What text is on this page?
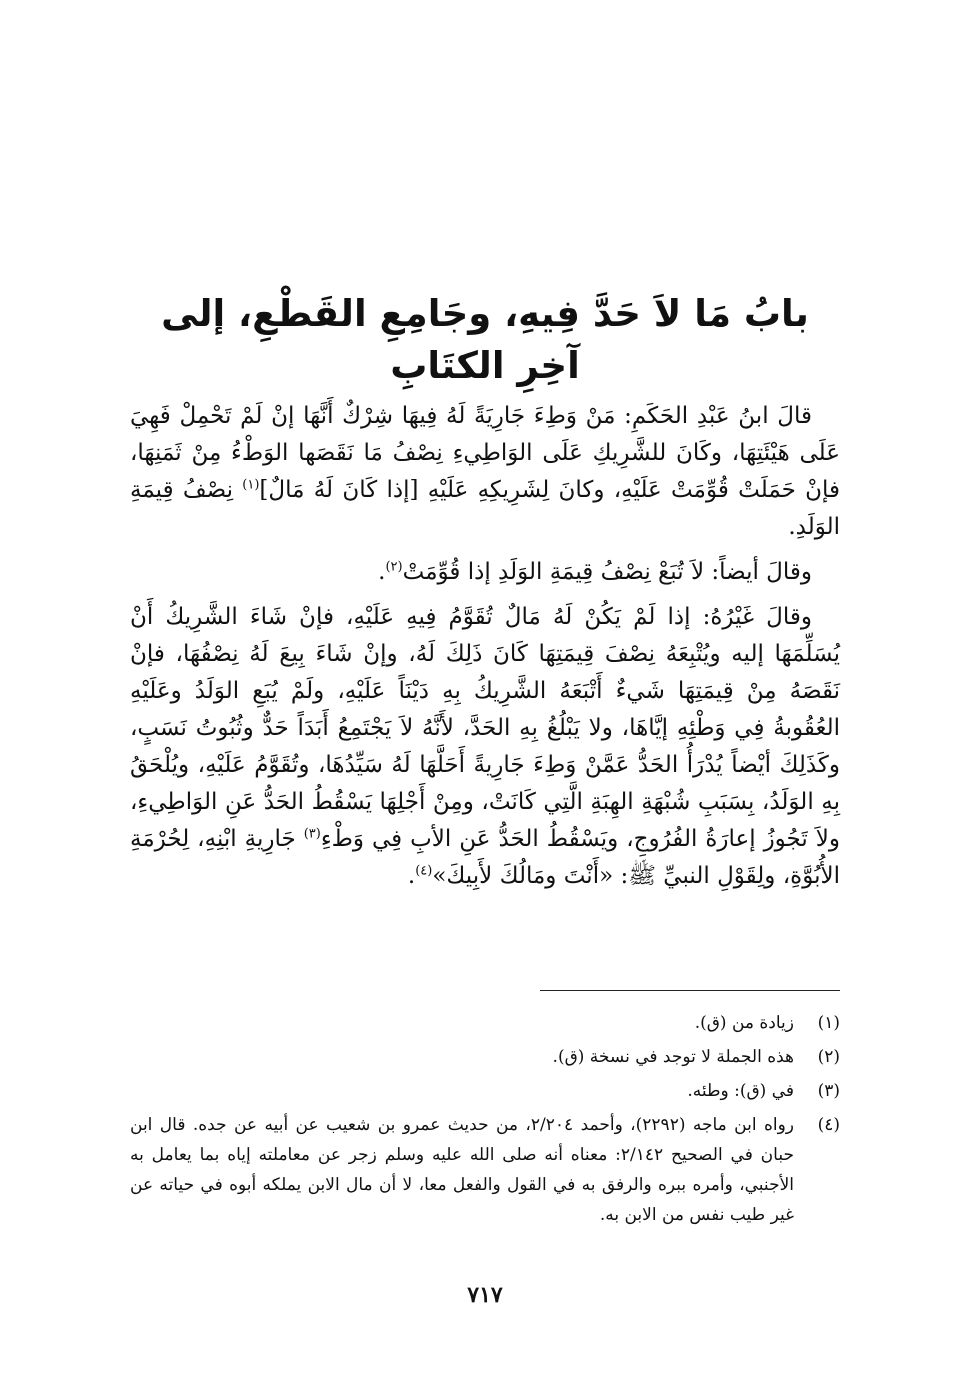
بابُ مَا لاَ حَدَّ فِيهِ، وجَامِعِ القَطْعِ، إلى آخِرِ الكتَابِ

قالَ ابنُ عَبْدِ الحَكَمِ: مَنْ وَطِءَ جَارِيَةً لَهُ فِيهَا شِرْكٌ أَنَّهَا إنْ لَمْ تَحْمِلْ فَهِيَ عَلَى هَيْئَتِهَا، وكَانَ للشَّرِيكِ عَلَى الوَاطِيءِ نِصْفُ مَا نَقَصَها الوَطْءُ مِنْ ثَمَنِهَا، فإنْ حَمَلَتْ قُوِّمَتْ عَلَيْهِ، وكانَ لِشَرِيكِهِ عَلَيْهِ [إذا كَانَ لَهُ مَالٌ]$^{(١)}$ نِصْفُ قِيمَةِ الوَلَدِ.

وقالَ أيضاً: لاَ تُبَعْ نِصْفُ قِيمَةِ الوَلَدِ إذا قُوِّمَتْ$^{(٢)}$.

وقالَ غَيْرُهُ: إذا لَمْ يَكُنْ لَهُ مَالٌ تُقَوَّمُ فِيهِ عَلَيْهِ، فإنْ شَاءَ الشَّرِيكُ أَنْ يُسَلِّمَهَا إليه ويُتْبِعَهُ نِصْفَ قِيمَتِهَا كَانَ ذَلِكَ لَهُ، وإنْ شَاءَ بِيعَ لَهُ نِصْفُهَا، فإنْ نَقَصَهُ مِنْ قِيمَتِهَا شَيءٌ أَتْبَعَهُ الشَّرِيكُ بِهِ دَيْنَاً عَلَيْهِ، ولَمْ يُبَعِ الوَلَدُ وعَلَيْهِ العُقُوبةُ فِي وَطْئِهِ إيَّاهَا، ولا يَبْلُغُ بِهِ الحَدَّ، لأَنَّهُ لاَ يَجْتَمِعُ أَبَدَاً حَدٌّ وثُبُوتُ نَسَبٍ، وكَذَلِكَ أيْضاً يُدْرَأُ الحَدُّ عَمَّنْ وَطِءَ جَارِيةً أَحَلَّهَا لَهُ سَيِّدُهَا، وتُقَوَّمُ عَلَيْهِ، ويُلْحَقُ بِهِ الوَلَدُ، بِسَبَبِ شُبْهَةِ الهِبَةِ الَّتِي كَانَتْ، ومِنْ أَجْلِهَا يَسْقُطُ الحَدُّ عَنِ الوَاطِيءِ، ولاَ تَجُوزُ إعارَةُ الفُرُوجِ، ويَسْقُطُ الحَدُّ عَنِ الأبِ فِي وَطْءِ$^{(٣)}$ جَارِيةِ ابْنِهِ، لِحُرْمَةِ الأُبُوَّةِ، ولِقَوْلِ النبيِّ ﷺ: «أَنْتَ ومَالُكَ لأَبِيكَ»$^{(٤)}$.

(١)
زيادة من (ق).
(٢)
هذه الجملة لا توجد في نسخة (ق).
(٣)
في (ق): وطئه.
(٤)
رواه ابن ماجه (٢٢٩٢)، وأحمد ٢/٢٠٤، من حديث عمرو بن شعيب عن أبيه عن جده. قال ابن حبان في الصحيح ٢/١٤٢: معناه أنه صلى الله عليه وسلم زجر عن معاملته إياه بما يعامل به الأجنبي، وأمره ببره والرفق به في القول والفعل معا، لا أن مال الابن يملكه أبوه في حياته عن غير طيب نفس من الابن به.
٧١٧
